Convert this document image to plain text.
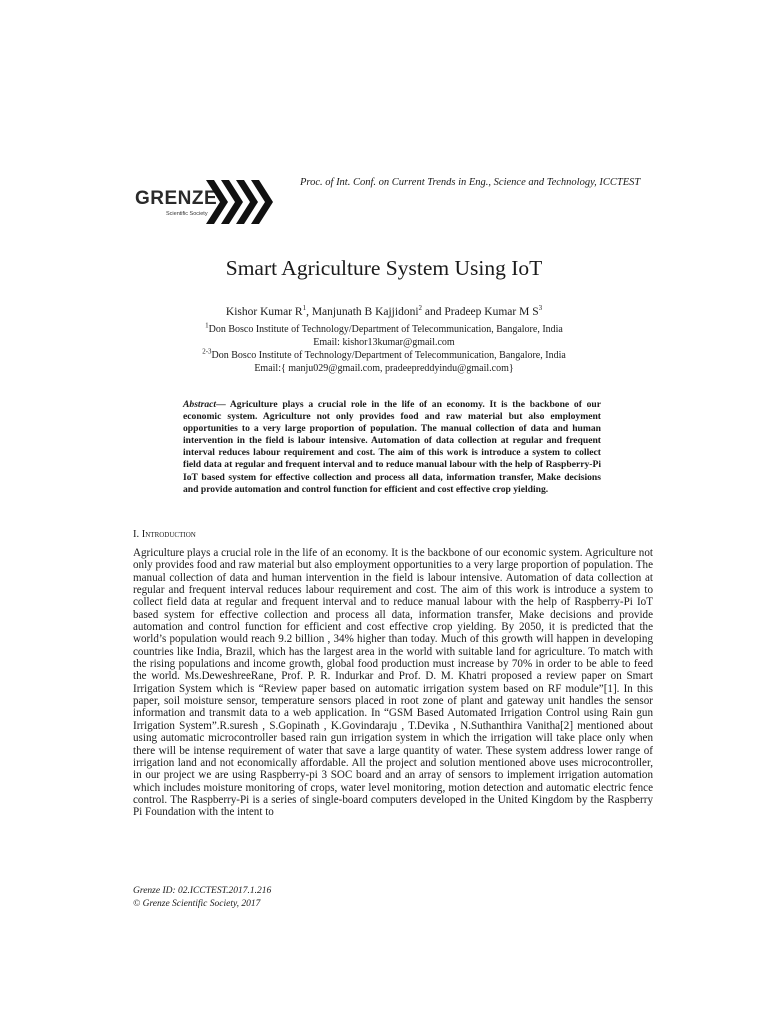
GRENZE
Scientific Society
Proc. of Int. Conf. on Current Trends in Eng., Science and Technology, ICCTEST
Smart Agriculture System Using IoT
Kishor Kumar $R^1$, Manjunath B Kajjidoni$^2$ and Pradeep Kumar M $S^3$
$^1$Don Bosco Institute of Technology/Department of Telecommunication, Bangalore, India
Email: kishor13kumar@gmail.com
$^{2-3}$Don Bosco Institute of Technology/Department of Telecommunication, Bangalore, India
Email:{ manju029@gmail.com, pradeepreddyindu@gmail.com}
Abstract— Agriculture plays a crucial role in the life of an economy. It is the backbone of our economic system. Agriculture not only provides food and raw material but also employment opportunities to a very large proportion of population. The manual collection of data and human intervention in the field is labour intensive. Automation of data collection at regular and frequent interval reduces labour requirement and cost. The aim of this work is introduce a system to collect field data at regular and frequent interval and to reduce manual labour with the help of Raspberry-Pi IoT based system for effective collection and process all data, information transfer, Make decisions and provide automation and control function for efficient and cost effective crop yielding.
I. Introduction
Agriculture plays a crucial role in the life of an economy. It is the backbone of our economic system. Agriculture not only provides food and raw material but also employment opportunities to a very large proportion of population. The manual collection of data and human intervention in the field is labour intensive. Automation of data collection at regular and frequent interval reduces labour requirement and cost. The aim of this work is introduce a system to collect field data at regular and frequent interval and to reduce manual labour with the help of Raspberry-Pi IoT based system for effective collection and process all data, information transfer, Make decisions and provide automation and control function for efficient and cost effective crop yielding. By 2050, it is predicted that the world’s population would reach 9.2 billion , 34% higher than today. Much of this growth will happen in developing countries like India, Brazil, which has the largest area in the world with suitable land for agriculture. To match with the rising populations and income growth, global food production must increase by 70% in order to be able to feed the world. Ms.DeweshreeRane, Prof. P. R. Indurkar and Prof. D. M. Khatri proposed a review paper on Smart Irrigation System which is “Review paper based on automatic irrigation system based on RF module”[1]. In this paper, soil moisture sensor, temperature sensors placed in root zone of plant and gateway unit handles the sensor information and transmit data to a web application. In “GSM Based Automated Irrigation Control using Rain gun Irrigation System”.R.suresh , S.Gopinath , K.Govindaraju , T.Devika , N.Suthanthira Vanitha[2] mentioned about using automatic microcontroller based rain gun irrigation system in which the irrigation will take place only when there will be intense requirement of water that save a large quantity of water. These system address lower range of irrigation land and not economically affordable. All the project and solution mentioned above uses microcontroller, in our project we are using Raspberry-pi 3 SOC board and an array of sensors to implement irrigation automation which includes moisture monitoring of crops, water level monitoring, motion detection and automatic electric fence control. The Raspberry-Pi is a series of single-board computers developed in the United Kingdom by the Raspberry Pi Foundation with the intent to
Grenze ID: 02.ICCTEST.2017.1.216
© Grenze Scientific Society, 2017
